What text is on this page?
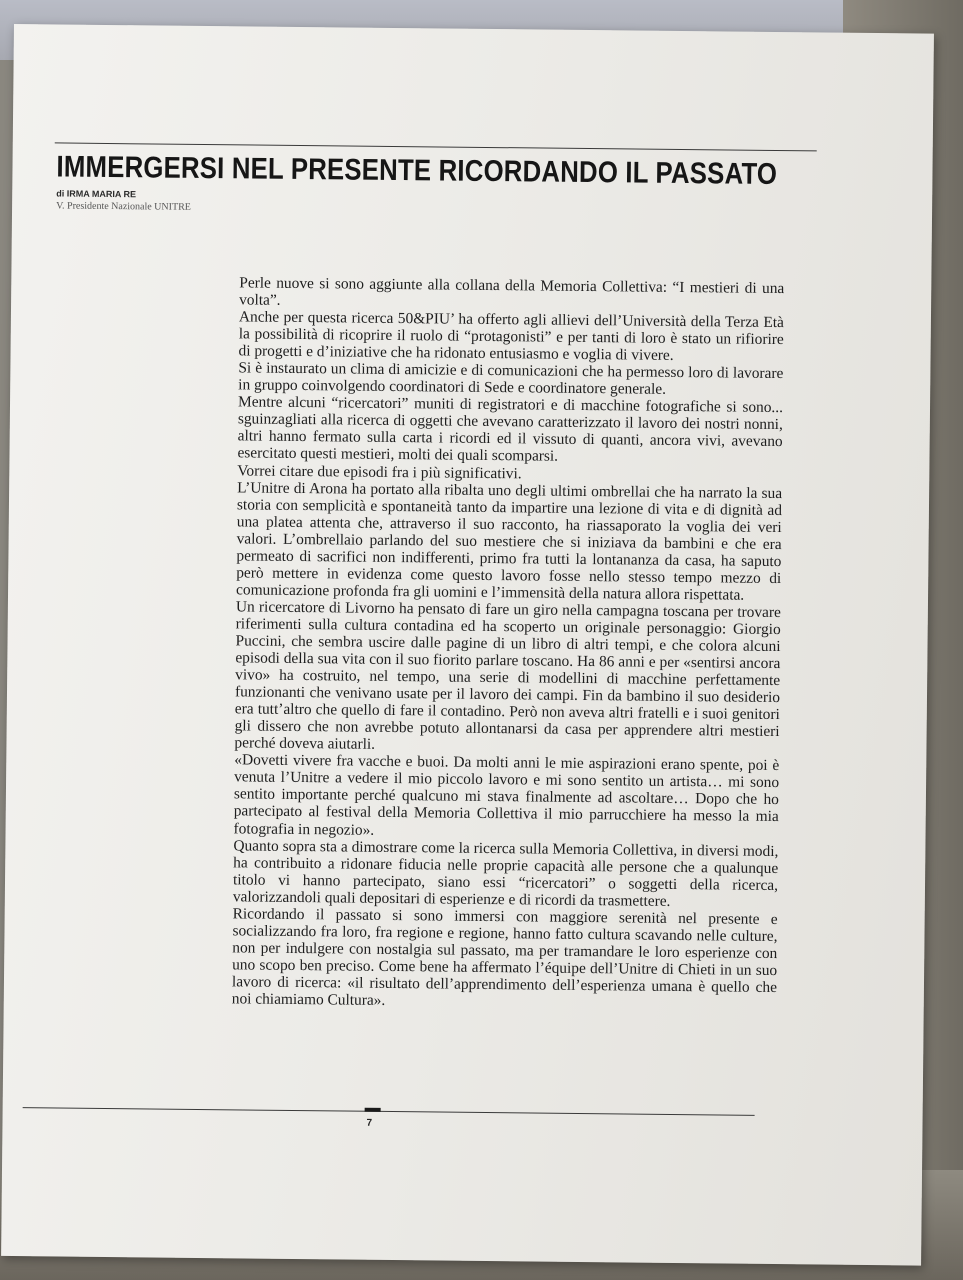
IMMERGERSI NEL PRESENTE RICORDANDO IL PASSATO
di IRMA MARIA RE
V. Presidente Nazionale UNITRE

Perle nuove si sono aggiunte alla collana della Memoria Collettiva: “I mestieri di una volta”.

Anche per questa ricerca 50&PIU’ ha offerto agli allievi dell’Università della Terza Età la possibilità di ricoprire il ruolo di “protagonisti” e per tanti di loro è stato un rifiorire di progetti e d’iniziative che ha ridonato entusiasmo e voglia di vivere.

Si è instaurato un clima di amicizie e di comunicazioni che ha permesso loro di lavorare in gruppo coinvolgendo coordinatori di Sede e coordinatore generale.

Mentre alcuni “ricercatori” muniti di registratori e di macchine fotografiche si sono... sguinzagliati alla ricerca di oggetti che avevano caratterizzato il lavoro dei nostri nonni, altri hanno fermato sulla carta i ricordi ed il vissuto di quanti, ancora vivi, avevano esercitato questi mestieri, molti dei quali scomparsi.

Vorrei citare due episodi fra i più significativi.

L’Unitre di Arona ha portato alla ribalta uno degli ultimi ombrellai che ha narrato la sua storia con semplicità e spontaneità tanto da impartire una lezione di vita e di dignità ad una platea attenta che, attraverso il suo racconto, ha riassaporato la voglia dei veri valori. L’ombrellaio parlando del suo mestiere che si iniziava da bambini e che era permeato di sacrifici non indifferenti, primo fra tutti la lontananza da casa, ha saputo però mettere in evidenza come questo lavoro fosse nello stesso tempo mezzo di comunicazione profonda fra gli uomini e l’immensità della natura allora rispettata.

Un ricercatore di Livorno ha pensato di fare un giro nella campagna toscana per trovare riferimenti sulla cultura contadina ed ha scoperto un originale personaggio: Giorgio Puccini, che sembra uscire dalle pagine di un libro di altri tempi, e che colora alcuni episodi della sua vita con il suo fiorito parlare toscano. Ha 86 anni e per «sentirsi ancora vivo» ha costruito, nel tempo, una serie di modellini di macchine perfettamente funzionanti che venivano usate per il lavoro dei campi. Fin da bambino il suo desiderio era tutt’altro che quello di fare il contadino. Però non aveva altri fratelli e i suoi genitori gli dissero che non avrebbe potuto allontanarsi da casa per apprendere altri mestieri perché doveva aiutarli.

«Dovetti vivere fra vacche e buoi. Da molti anni le mie aspirazioni erano spente, poi è venuta l’Unitre a vedere il mio piccolo lavoro e mi sono sentito un artista… mi sono sentito importante perché qualcuno mi stava finalmente ad ascoltare… Dopo che ho partecipato al festival della Memoria Collettiva il mio parrucchiere ha messo la mia fotografia in negozio».

Quanto sopra sta a dimostrare come la ricerca sulla Memoria Collettiva, in diversi modi, ha contribuito a ridonare fiducia nelle proprie capacità alle persone che a qualunque titolo vi hanno partecipato, siano essi “ricercatori” o soggetti della ricerca, valorizzandoli quali depositari di esperienze e di ricordi da trasmettere.

Ricordando il passato si sono immersi con maggiore serenità nel presente e socializzando fra loro, fra regione e regione, hanno fatto cultura scavando nelle culture, non per indulgere con nostalgia sul passato, ma per tramandare le loro esperienze con uno scopo ben preciso. Come bene ha affermato l’équipe dell’Unitre di Chieti in un suo lavoro di ricerca: «il risultato dell’apprendimento dell’esperienza umana è quello che noi chiamiamo Cultura».

7
